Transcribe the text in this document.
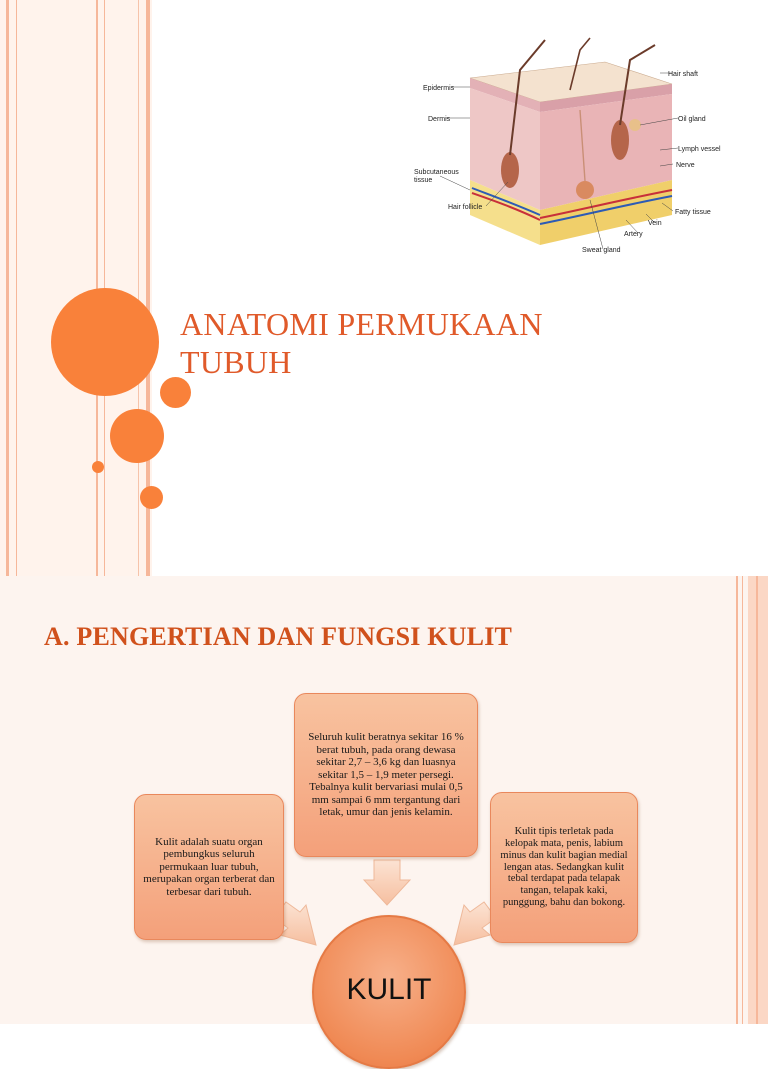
Epidermis
Dermis
Subcutaneous
tissue
Hair follicle
Hair shaft
Oil gland
Lymph vessel
Nerve
Fatty tissue
Vein
Artery
Sweat gland
ANATOMI PERMUKAAN
TUBUH
A. PENGERTIAN DAN FUNGSI KULIT

Kulit adalah suatu organ pembungkus seluruh permukaan luar tubuh, merupakan organ terberat dan terbesar dari tubuh.

Seluruh kulit beratnya sekitar 16 % berat tubuh, pada orang dewasa sekitar 2,7 – 3,6 kg dan luasnya sekitar 1,5 – 1,9 meter persegi. Tebalnya kulit bervariasi mulai 0,5 mm sampai 6 mm tergantung dari letak, umur dan jenis kelamin.

Kulit tipis terletak pada kelopak mata, penis, labium minus dan kulit bagian medial lengan atas. Sedangkan kulit tebal terdapat pada telapak tangan, telapak kaki, punggung, bahu dan bokong.

KULIT
